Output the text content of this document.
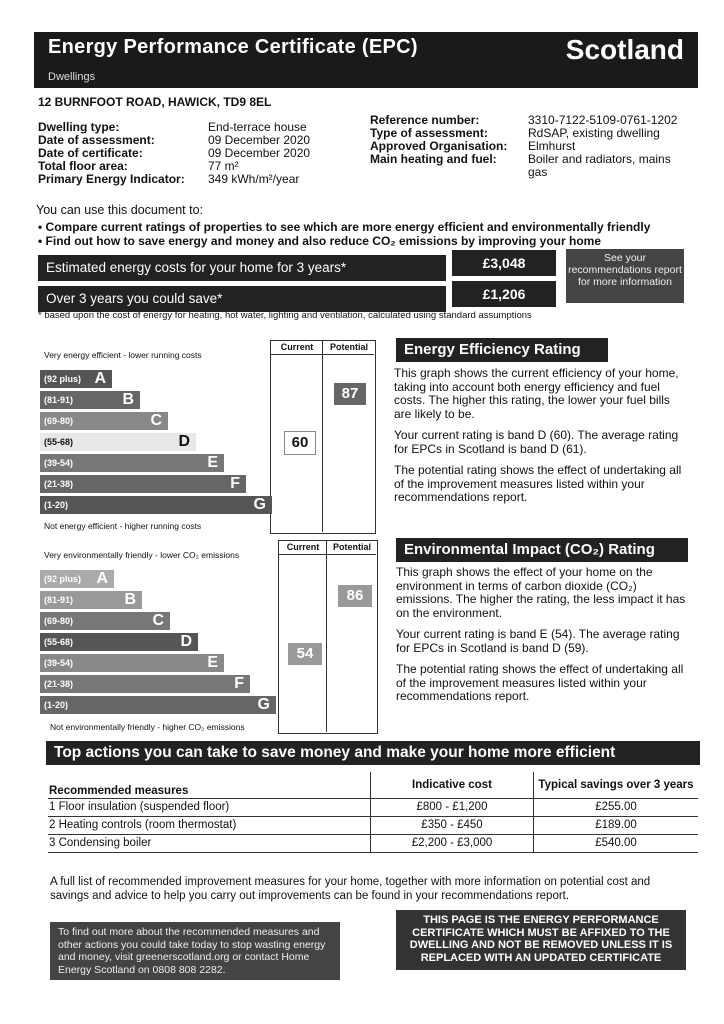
Energy Performance Certificate (EPC)
Dwellings
Scotland
12 BURNFOOT ROAD, HAWICK, TD9 8EL
Dwelling type:	End-terrace house
Date of assessment:	09 December 2020
Date of certificate:	09 December 2020
Total floor area:	77 m²
Primary Energy Indicator:	349 kWh/m²/year
Reference number:	3310-7122-5109-0761-1202
Type of assessment:	RdSAP, existing dwelling
Approved Organisation:	Elmhurst
Main heating and fuel:	Boiler and radiators, mains gas
You can use this document to:
• Compare current ratings of properties to see which are more energy efficient and environmentally friendly
• Find out how to save energy and money and also reduce CO₂ emissions by improving your home
Estimated energy costs for your home for 3 years*	£3,048
Over 3 years you could save*	£1,206
See your recommendations report for more information
* based upon the cost of energy for heating, hot water, lighting and ventilation, calculated using standard assumptions
Very energy efficient - lower running costs
Current	Potential
(92 plus) A
(81-91)	B
(69-80)	C
(55-68)	D
(39-54)	E
(21-38)	F
(1-20)	G
60
87
Not energy efficient - higher running costs
Energy Efficiency Rating
This graph shows the current efficiency of your home, taking into account both energy efficiency and fuel costs. The higher this rating, the lower your fuel bills are likely to be.
Your current rating is band D (60). The average rating for EPCs in Scotland is band D (61).
The potential rating shows the effect of undertaking all of the improvement measures listed within your recommendations report.
Very environmentally friendly - lower CO₂ emissions
Current	Potential
(92 plus) A
(81-91)	B
(69-80)	C
(55-68)	D
(39-54)	E
(21-38)	F
(1-20)	G
54
86
Not environmentally friendly - higher CO₂ emissions
Environmental Impact (CO₂) Rating
This graph shows the effect of your home on the environment in terms of carbon dioxide (CO₂) emissions. The higher the rating, the less impact it has on the environment.
Your current rating is band E (54). The average rating for EPCs in Scotland is band D (59).
The potential rating shows the effect of undertaking all of the improvement measures listed within your recommendations report.
Top actions you can take to save money and make your home more efficient
Recommended measures	Indicative cost	Typical savings over 3 years
1 Floor insulation (suspended floor)	£800 - £1,200	£255.00
2 Heating controls (room thermostat)	£350 - £450	£189.00
3 Condensing boiler	£2,200 - £3,000	£540.00
A full list of recommended improvement measures for your home, together with more information on potential cost and savings and advice to help you carry out improvements can be found in your recommendations report.
To find out more about the recommended measures and other actions you could take today to stop wasting energy and money, visit greenerscotland.org or contact Home Energy Scotland on 0808 808 2282.
THIS PAGE IS THE ENERGY PERFORMANCE CERTIFICATE WHICH MUST BE AFFIXED TO THE DWELLING AND NOT BE REMOVED UNLESS IT IS REPLACED WITH AN UPDATED CERTIFICATE
